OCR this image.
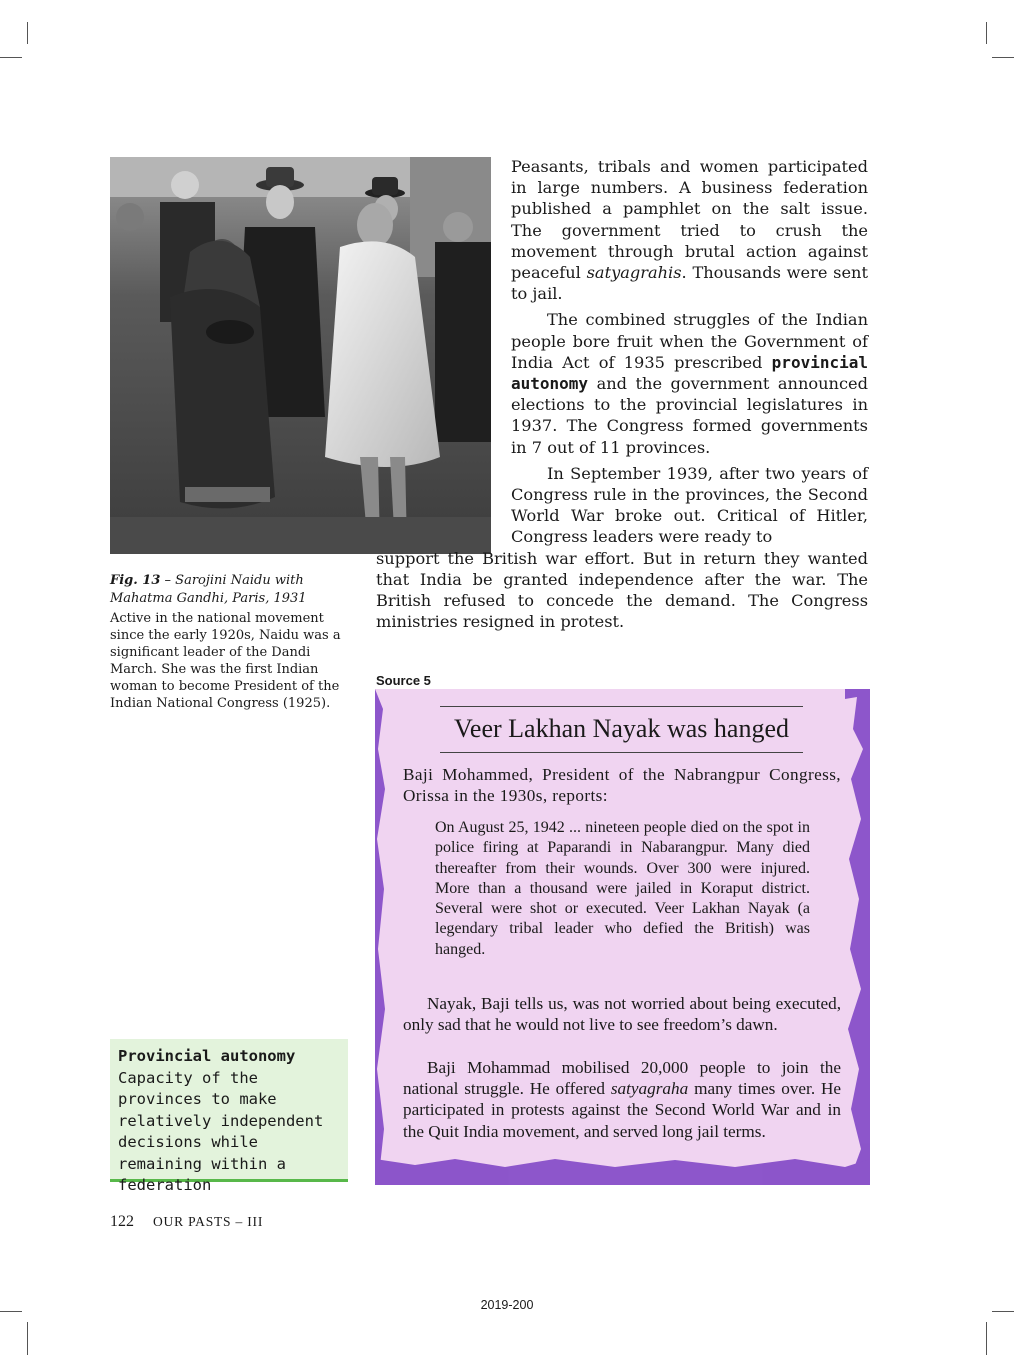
Fig. 13 – Sarojini Naidu with Mahatma Gandhi, Paris, 1931
Active in the national movement since the early 1920s, Naidu was a significant leader of the Dandi March. She was the first Indian woman to become President of the Indian National Congress (1925).

Peasants, tribals and women participated in large numbers. A business federation published a pamphlet on the salt issue. The government tried to crush the movement through brutal action against peaceful satyagrahis. Thousands were sent to jail.

The combined struggles of the Indian people bore fruit when the Government of India Act of 1935 prescribed provincial autonomy and the government announced elections to the provincial legislatures in 1937. The Congress formed governments in 7 out of 11 provinces.

In September 1939, after two years of Congress rule in the provinces, the Second World War broke out. Critical of Hitler, Congress leaders were ready to

support the British war effort. But in return they wanted that India be granted independence after the war. The British refused to concede the demand. The Congress ministries resigned in protest.

Source 5
Veer Lakhan Nayak was hanged
Baji Mohammed, President of the Nabrangpur Congress, Orissa in the 1930s, reports:
On August 25, 1942 ... nineteen people died on the spot in police firing at Paparandi in Nabarangpur. Many died thereafter from their wounds. Over 300 were injured. More than a thousand were jailed in Koraput district. Several were shot or executed. Veer Lakhan Nayak (a legendary tribal leader who defied the British) was hanged.
Nayak, Baji tells us, was not worried about being executed, only sad that he would not live to see freedom’s dawn.
Baji Mohammad mobilised 20,000 people to join the national struggle. He offered satyagraha many times over. He participated in protests against the Second World War and in the Quit India movement, and served long jail terms.
Provincial autonomy
Capacity of the provinces to make relatively independent decisions while remaining within a federation
122 OUR PASTS – III
2019-200
